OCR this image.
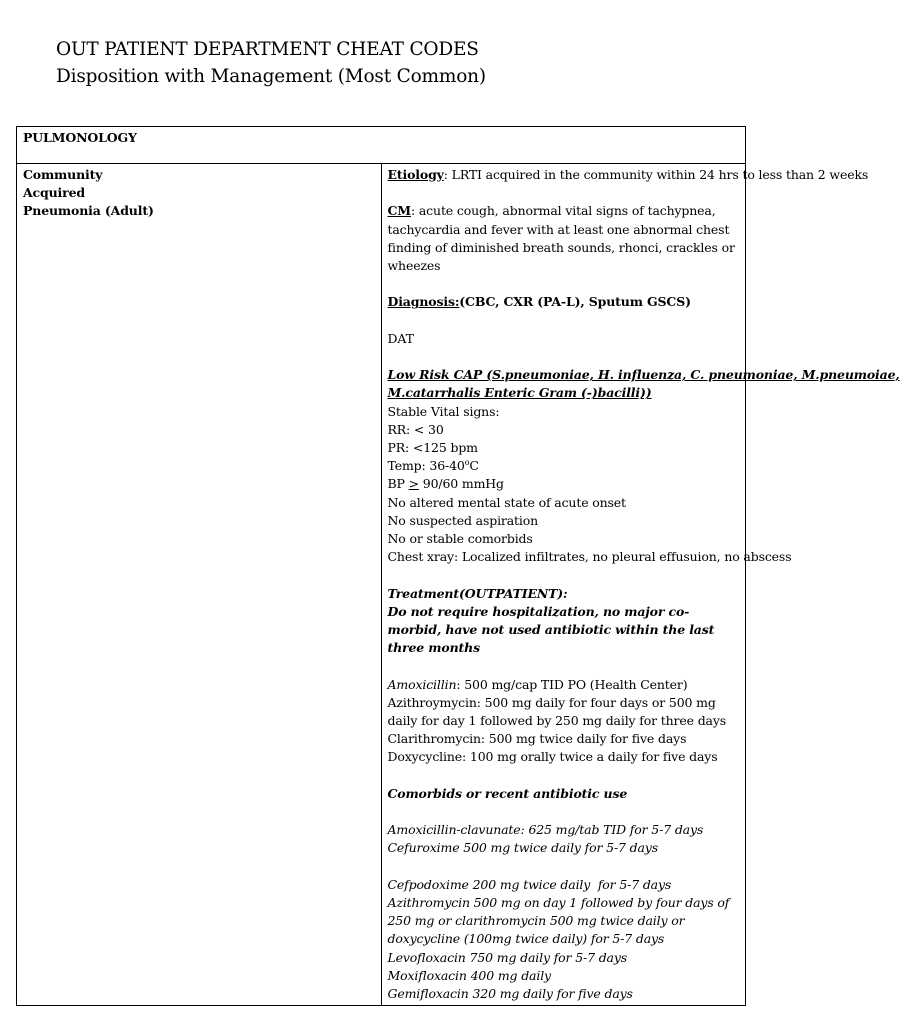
OUT PATIENT DEPARTMENT CHEAT CODES
Disposition with Management (Most Common)
PULMONOLOGY

Community
Acquired
Pneumonia (Adult)

Etiology: LRTI acquired in the community within 24 hrs to less than 2 weeks
CM: acute cough, abnormal vital signs of tachypnea, tachycardia and fever with at least one abnormal chest finding of diminished breath sounds, rhonci, crackles or wheezes
Diagnosis:(CBC, CXR (PA-L), Sputum GSCS)
DAT
Low Risk CAP (S.pneumoniae, H. influenza, C. pneumoniae, M.pneumoiae,
M.catarrhalis Enteric Gram (-)bacilli))
Stable Vital signs:
RR: < 30
PR: <125 bpm
Temp: 36-40$^o$C
BP > 90/60 mmHg
No altered mental state of acute onset
No suspected aspiration
No or stable comorbids
Chest xray: Localized infiltrates, no pleural effusuion, no abscess
Treatment(OUTPATIENT):
Do not require hospitalization, no major co-morbid, have not used antibiotic within the last three months
Amoxicillin: 500 mg/cap TID PO (Health Center)
Azithroymycin: 500 mg daily for four days or 500 mg daily for day 1 followed by 250 mg daily for three days
Clarithromycin: 500 mg twice daily for five days
Doxycycline: 100 mg orally twice a daily for five days
Comorbids or recent antibiotic use
Amoxicillin-clavunate: 625 mg/tab TID for 5-7 days
Cefuroxime 500 mg twice daily for 5-7 days
Cefpodoxime 200 mg twice daily  for 5-7 days
Azithromycin 500 mg on day 1 followed by four days of 250 mg or clarithromycin 500 mg twice daily or doxycycline (100mg twice daily) for 5-7 days
Levofloxacin 750 mg daily for 5-7 days
Moxifloxacin 400 mg daily
Gemifloxacin 320 mg daily for five days
